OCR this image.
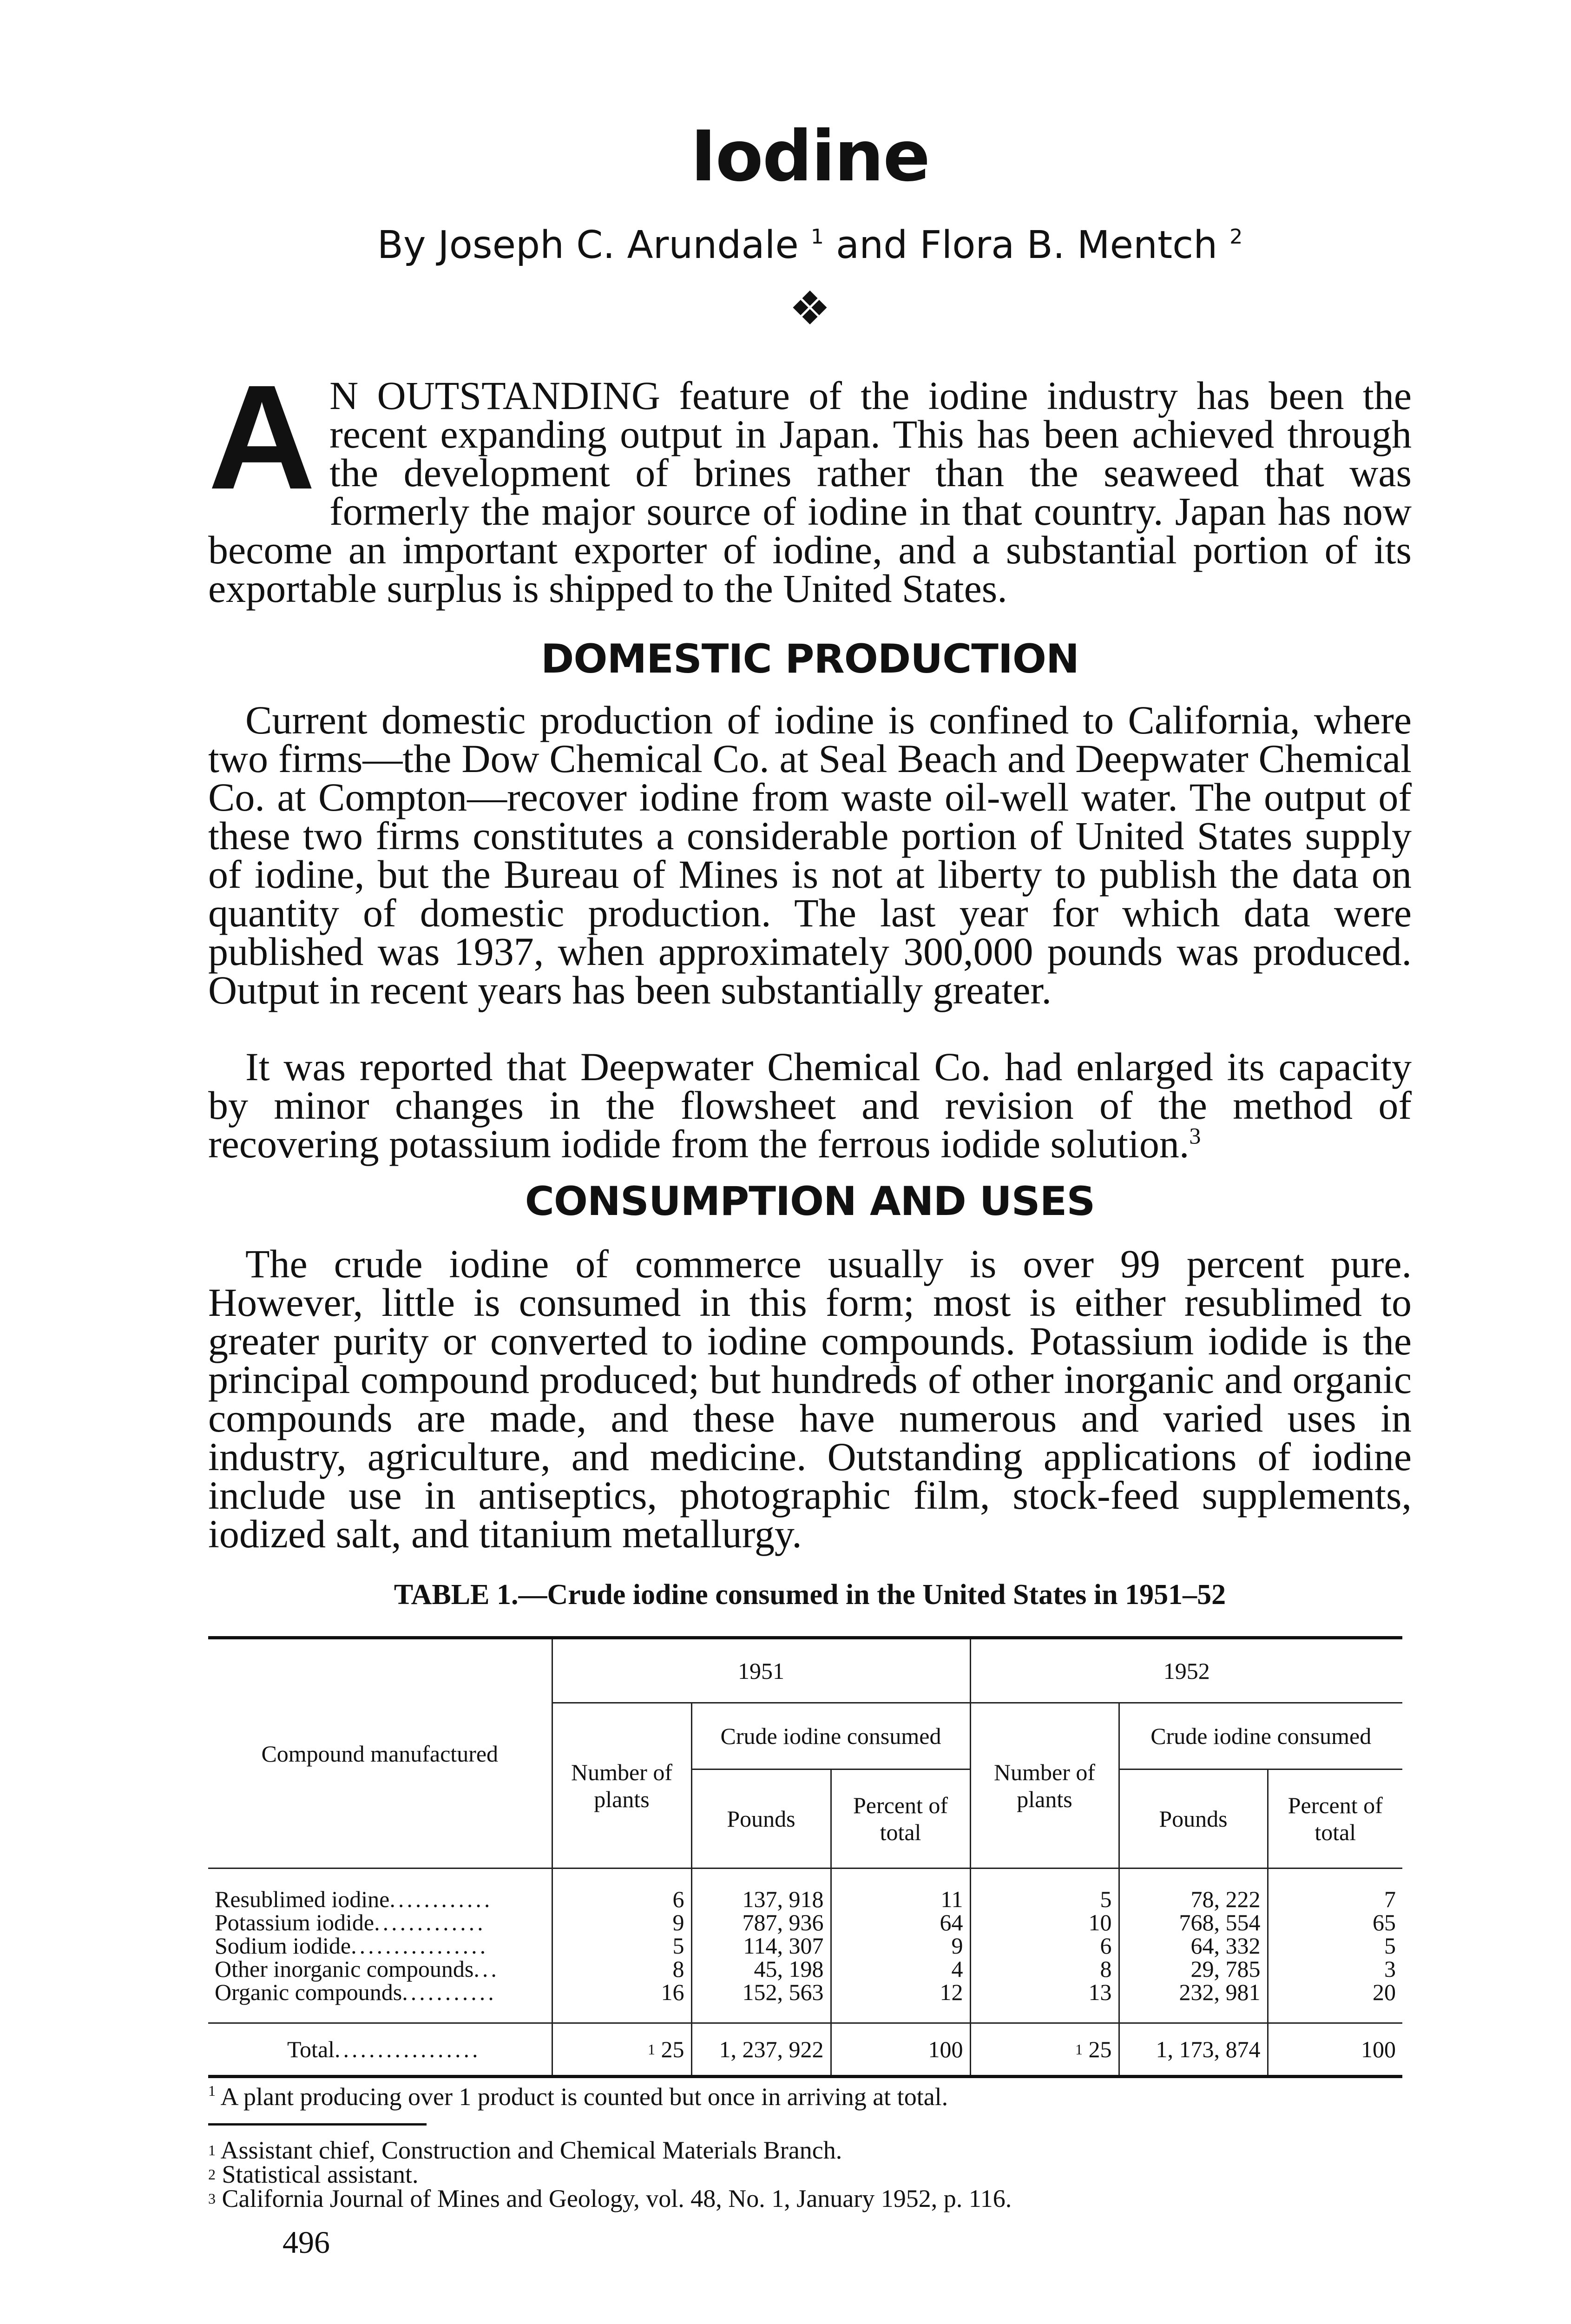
Iodine
By Joseph C. Arundale $^1$ and Flora B. Mentch $^2$
❖

A N OUTSTANDING feature of the iodine industry has been the recent expanding output in Japan. This has been achieved through the development of brines rather than the seaweed that was formerly the major source of iodine in that country. Japan has now become an important exporter of iodine, and a substantial portion of its exportable surplus is shipped to the United States.

DOMESTIC PRODUCTION

Current domestic production of iodine is confined to California, where two firms—the Dow Chemical Co. at Seal Beach and Deepwater Chemical Co. at Compton—recover iodine from waste oil-well water. The output of these two firms constitutes a considerable portion of United States supply of iodine, but the Bureau of Mines is not at liberty to publish the data on quantity of domestic production. The last year for which data were published was 1937, when approximately 300,000 pounds was produced. Output in recent years has been substantially greater.

It was reported that Deepwater Chemical Co. had enlarged its capacity by minor changes in the flowsheet and revision of the method of recovering potassium iodide from the ferrous iodide solution.$^3$

CONSUMPTION AND USES

The crude iodine of commerce usually is over 99 percent pure. However, little is consumed in this form; most is either resublimed to greater purity or converted to iodine compounds. Potassium iodide is the principal compound produced; but hundreds of other inorganic and organic compounds are made, and these have numerous and varied uses in industry, agriculture, and medicine. Outstanding applications of iodine include use in antiseptics, photographic film, stock-feed supplements, iodized salt, and titanium metallurgy.

TABLE 1.—Crude iodine consumed in the United States in 1951–52
Compound manufactured	1951			1952		
	Number of plants	Crude iodine consumed		Number of plants	Crude iodine consumed	
		Pounds	Percent of total		Pounds	Percent of total

Resublimed iodine............	6	137, 918	11	5	78, 222	7
Potassium iodide.............	9	787, 936	64	10	768, 554	65
Sodium iodide................	5	114, 307	9	6	64, 332	5
Other inorganic compounds...	8	45, 198	4	8	29, 785	3
Organic compounds...........	16	152, 563	12	13	232, 981	20

Total.................	$^1$ 25	1, 237, 922	100	$^1$ 25	1, 173, 874	100
$^1$ A plant producing over 1 product is counted but once in arriving at total.
$^1$ Assistant chief, Construction and Chemical Materials Branch.
$^2$ Statistical assistant.
$^3$ California Journal of Mines and Geology, vol. 48, No. 1, January 1952, p. 116.
496
